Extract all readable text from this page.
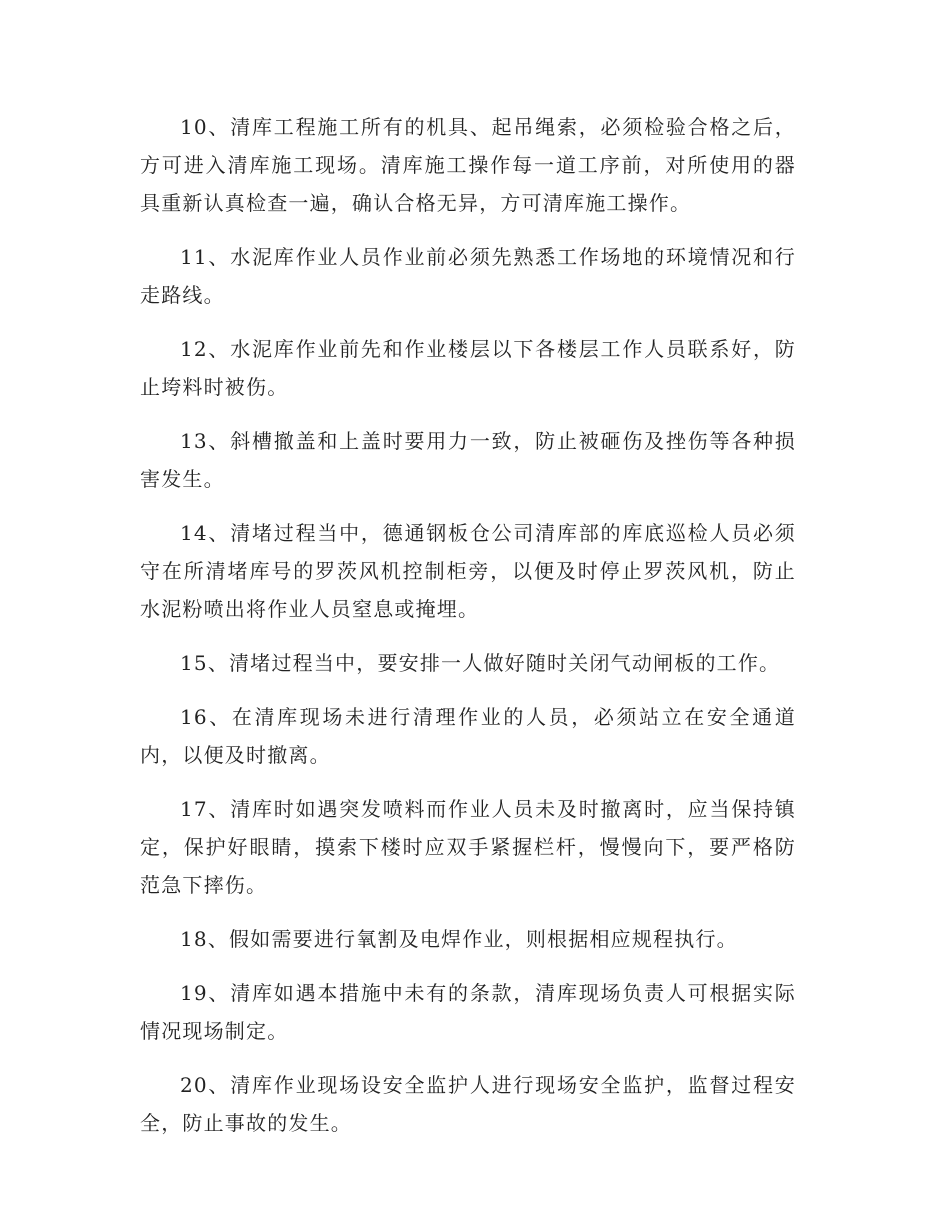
10、清库工程施工所有的机具、起吊绳索，必须检验合格之后，方可进入清库施工现场。清库施工操作每一道工序前，对所使用的器具重新认真检查一遍，确认合格无异，方可清库施工操作。

11、水泥库作业人员作业前必须先熟悉工作场地的环境情况和行走路线。

12、水泥库作业前先和作业楼层以下各楼层工作人员联系好，防止垮料时被伤。

13、斜槽撤盖和上盖时要用力一致，防止被砸伤及挫伤等各种损害发生。

14、清堵过程当中，德通钢板仓公司清库部的库底巡检人员必须守在所清堵库号的罗茨风机控制柜旁，以便及时停止罗茨风机，防止水泥粉喷出将作业人员窒息或掩埋。

15、清堵过程当中，要安排一人做好随时关闭气动闸板的工作。

16、在清库现场未进行清理作业的人员，必须站立在安全通道内，以便及时撤离。

17、清库时如遇突发喷料而作业人员未及时撤离时，应当保持镇定，保护好眼睛，摸索下楼时应双手紧握栏杆，慢慢向下，要严格防范急下摔伤。

18、假如需要进行氧割及电焊作业，则根据相应规程执行。

19、清库如遇本措施中未有的条款，清库现场负责人可根据实际情况现场制定。

20、清库作业现场设安全监护人进行现场安全监护，监督过程安全，防止事故的发生。
